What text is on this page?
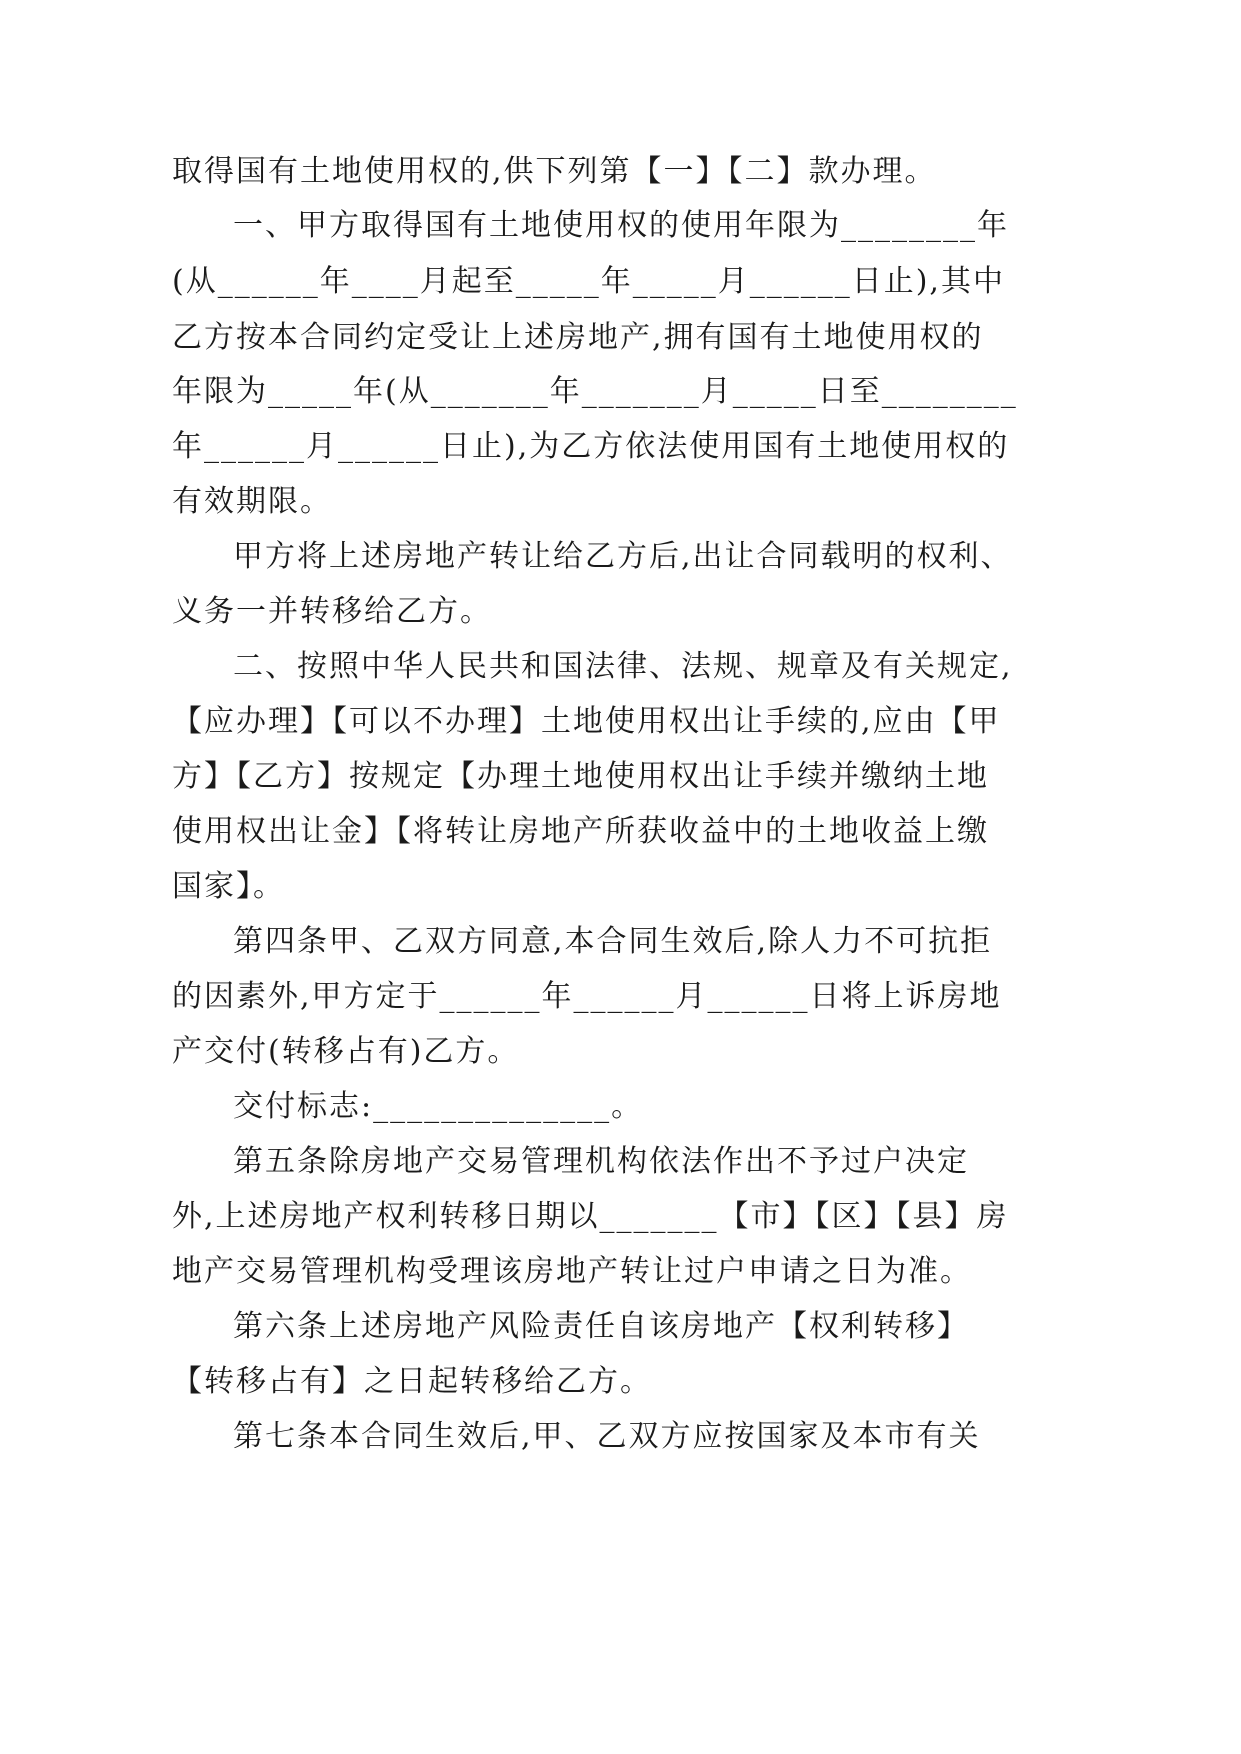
取得国有土地使用权的,供下列第【一】【二】款办理。
一、甲方取得国有土地使用权的使用年限为________年
(从______年____月起至_____年_____月______日止),其中
乙方按本合同约定受让上述房地产,拥有国有土地使用权的
年限为_____年(从_______年_______月_____日至________
年______月______日止),为乙方依法使用国有土地使用权的
有效期限。
甲方将上述房地产转让给乙方后,出让合同载明的权利、
义务一并转移给乙方。
二、按照中华人民共和国法律、法规、规章及有关规定,
【应办理】【可以不办理】土地使用权出让手续的,应由【甲
方】【乙方】按规定【办理土地使用权出让手续并缴纳土地
使用权出让金】【将转让房地产所获收益中的土地收益上缴
国家】。
第四条甲、乙双方同意,本合同生效后,除人力不可抗拒
的因素外,甲方定于______年______月______日将上诉房地
产交付(转移占有)乙方。
交付标志:______________。
第五条除房地产交易管理机构依法作出不予过户决定
外,上述房地产权利转移日期以_______【市】【区】【县】房
地产交易管理机构受理该房地产转让过户申请之日为准。
第六条上述房地产风险责任自该房地产【权利转移】
【转移占有】之日起转移给乙方。
第七条本合同生效后,甲、乙双方应按国家及本市有关
